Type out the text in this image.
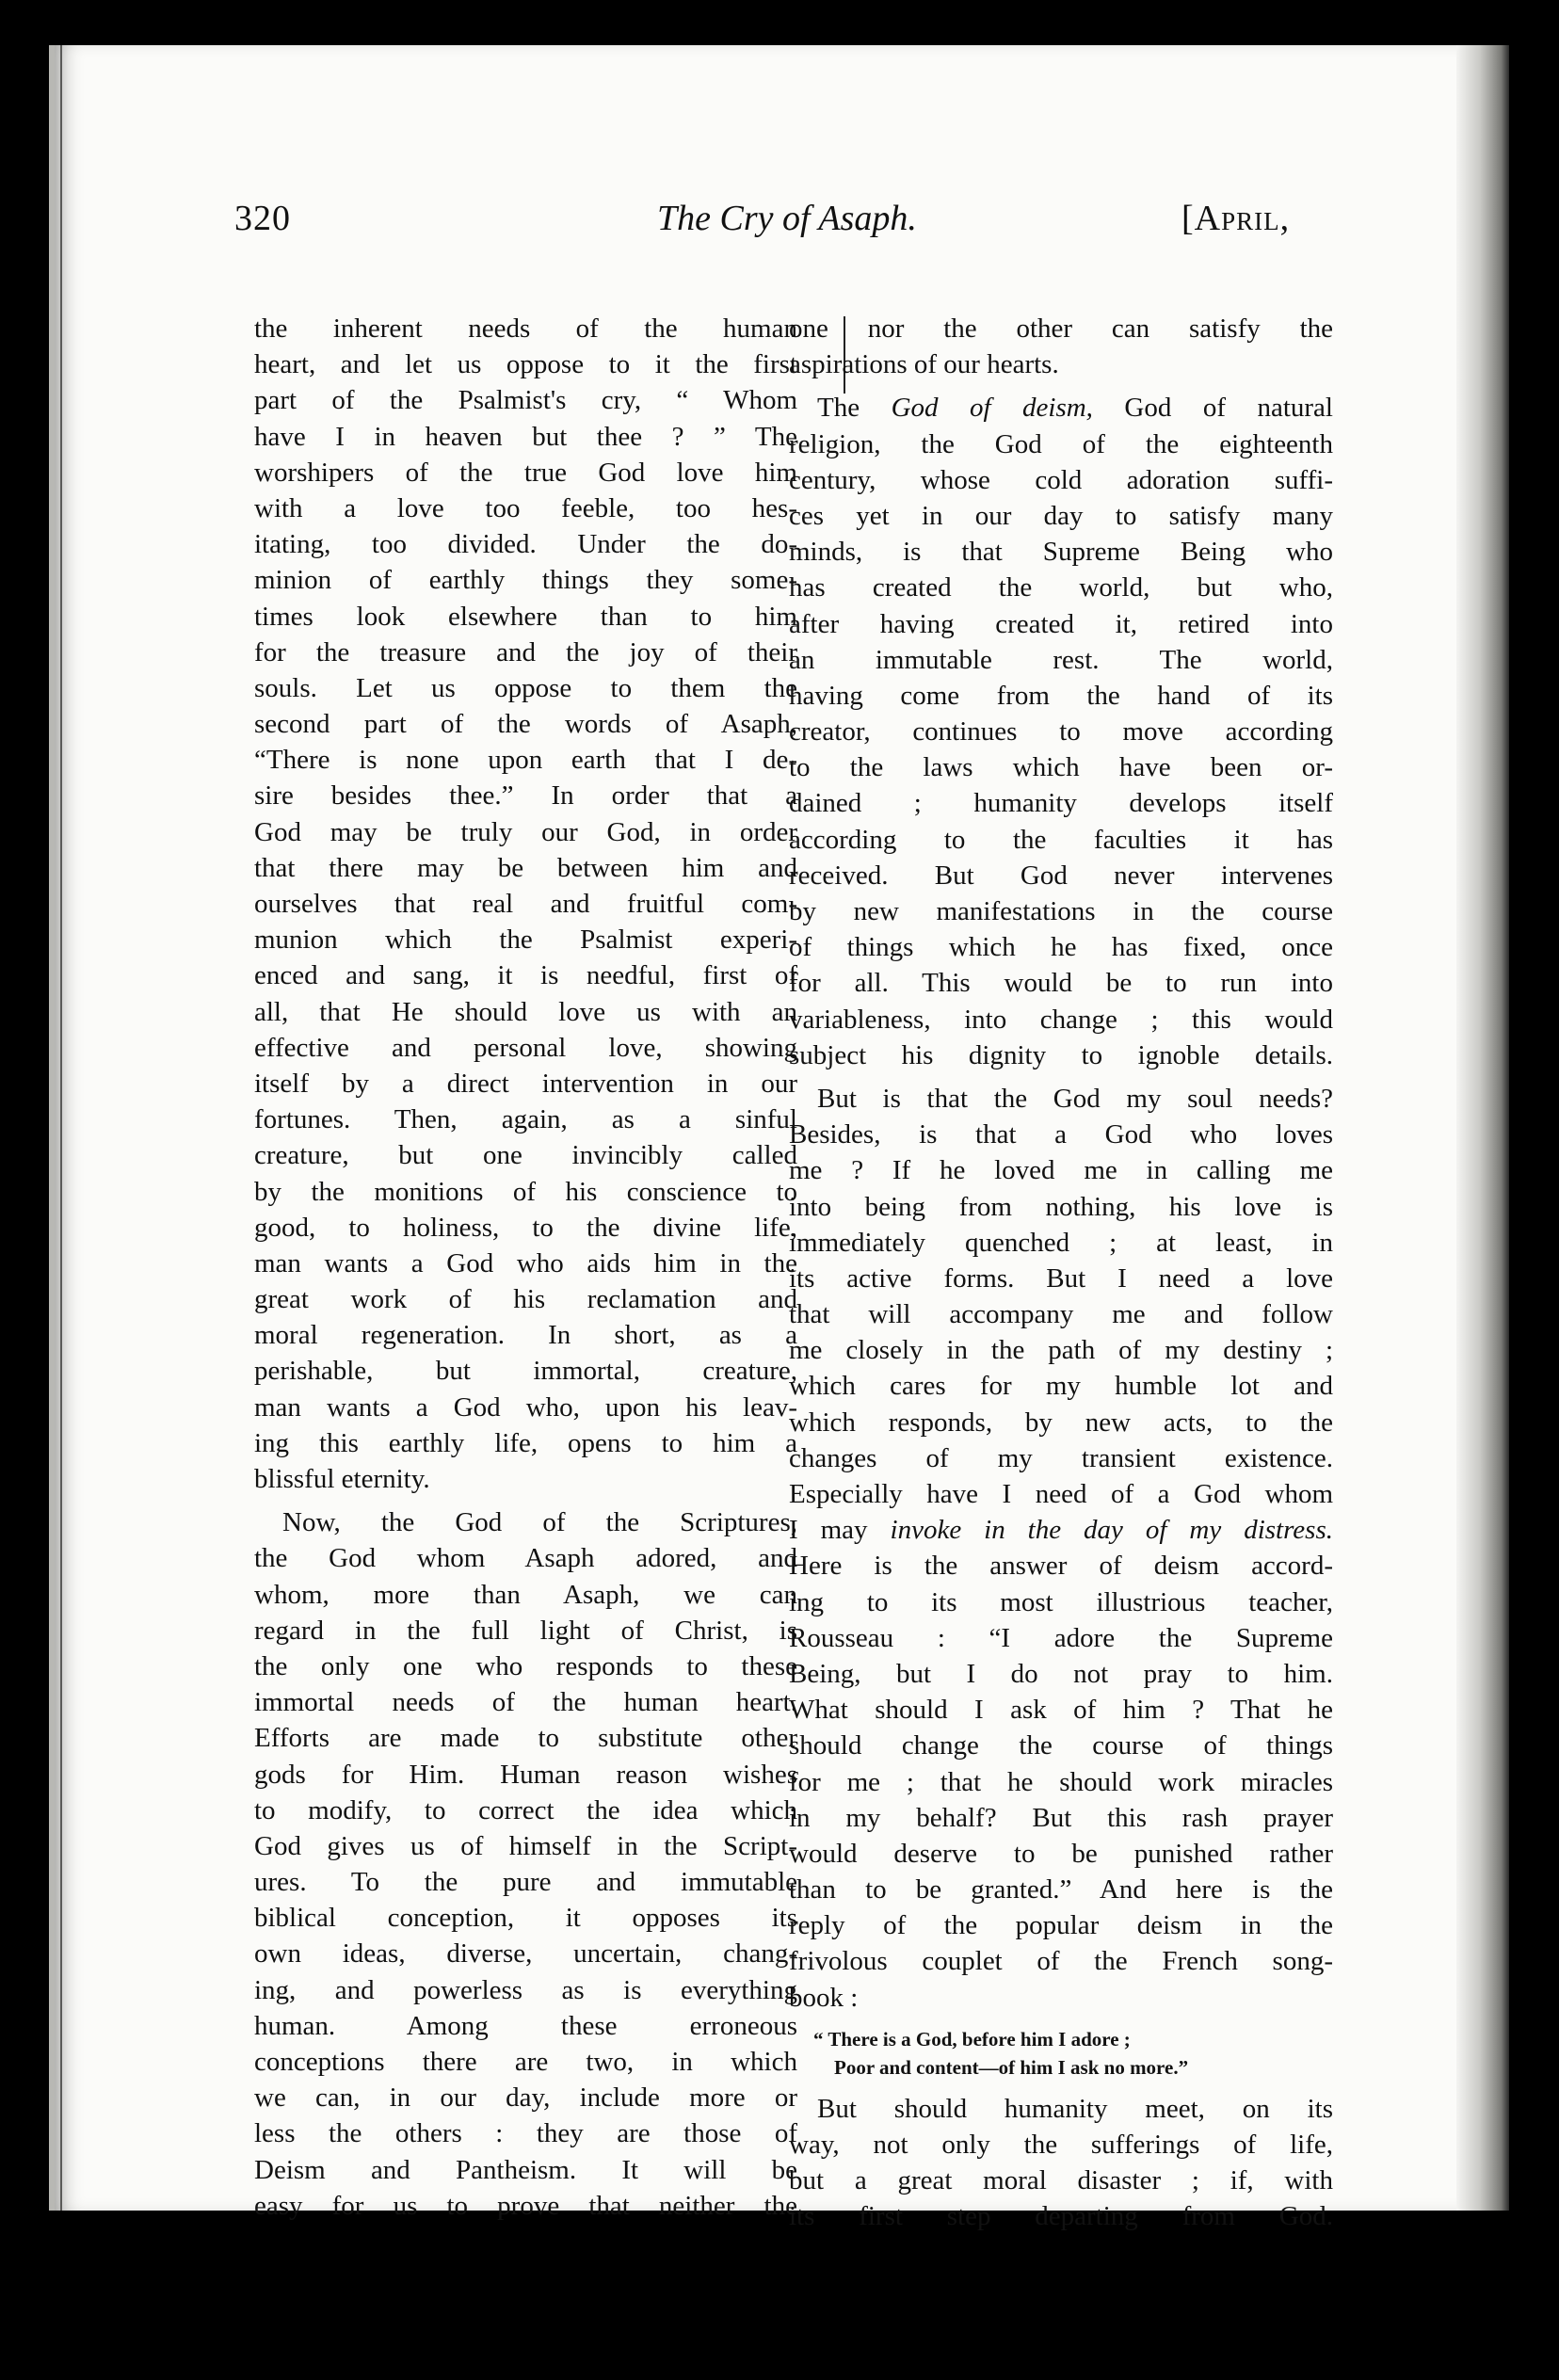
320	The Cry of Asaph.	[April,
the inherent needs of the human
heart, and let us oppose to it the first
part of the Psalmist's cry, “ Whom
have I in heaven but thee ? ” The
worshipers of the true God love him
with a love too feeble, too hes-
itating, too divided. Under the do-
minion of earthly things they some-
times look elsewhere than to him
for the treasure and the joy of their
souls. Let us oppose to them the
second part of the words of Asaph,
“There is none upon earth that I de-
sire besides thee.” In order that a
God may be truly our God, in order
that there may be between him and
ourselves that real and fruitful com-
munion which the Psalmist experi-
enced and sang, it is needful, first of
all, that He should love us with an
effective and personal love, showing
itself by a direct intervention in our
fortunes. Then, again, as a sinful
creature, but one invincibly called
by the monitions of his conscience to
good, to holiness, to the divine life,
man wants a God who aids him in the
great work of his reclamation and
moral regeneration. In short, as a
perishable, but immortal, creature,
man wants a God who, upon his leav-
ing this earthly life, opens to him a
blissful eternity.
Now, the God of the Scriptures,
the God whom Asaph adored, and
whom, more than Asaph, we can
regard in the full light of Christ, is
the only one who responds to these
immortal needs of the human heart.
Efforts are made to substitute other
gods for Him. Human reason wishes
to modify, to correct the idea which
God gives us of himself in the Script-
ures. To the pure and immutable
biblical conception, it opposes its
own ideas, diverse, uncertain, chang-
ing, and powerless as is everything
human. Among these erroneous
conceptions there are two, in which
we can, in our day, include more or
less the others : they are those of
Deism and Pantheism. It will be
easy for us to prove that neither the
one nor the other can satisfy the
aspirations of our hearts.
The God of deism, God of natural
religion, the God of the eighteenth
century, whose cold adoration suffi-
ces yet in our day to satisfy many
minds, is that Supreme Being who
has created the world, but who,
after having created it, retired into
an immutable rest. The world,
having come from the hand of its
creator, continues to move according
to the laws which have been or-
dained ; humanity develops itself
according to the faculties it has
received. But God never intervenes
by new manifestations in the course
of things which he has fixed, once
for all. This would be to run into
variableness, into change ; this would
subject his dignity to ignoble details.
But is that the God my soul needs?
Besides, is that a God who loves
me ? If he loved me in calling me
into being from nothing, his love is
immediately quenched ; at least, in
its active forms. But I need a love
that will accompany me and follow
me closely in the path of my destiny ;
which cares for my humble lot and
which responds, by new acts, to the
changes of my transient existence.
Especially have I need of a God whom
I may invoke in the day of my distress.
Here is the answer of deism accord-
ing to its most illustrious teacher,
Rousseau : “I adore the Supreme
Being, but I do not pray to him.
What should I ask of him ? That he
should change the course of things
for me ; that he should work miracles
in my behalf? But this rash prayer
would deserve to be punished rather
than to be granted.” And here is the
reply of the popular deism in the
frivolous couplet of the French song-
book :
“ There is a God, before him I adore ;
Poor and content—of him I ask no more.”
But should humanity meet, on its
way, not only the sufferings of life,
but a great moral disaster ; if, with
its first step departing from God.
